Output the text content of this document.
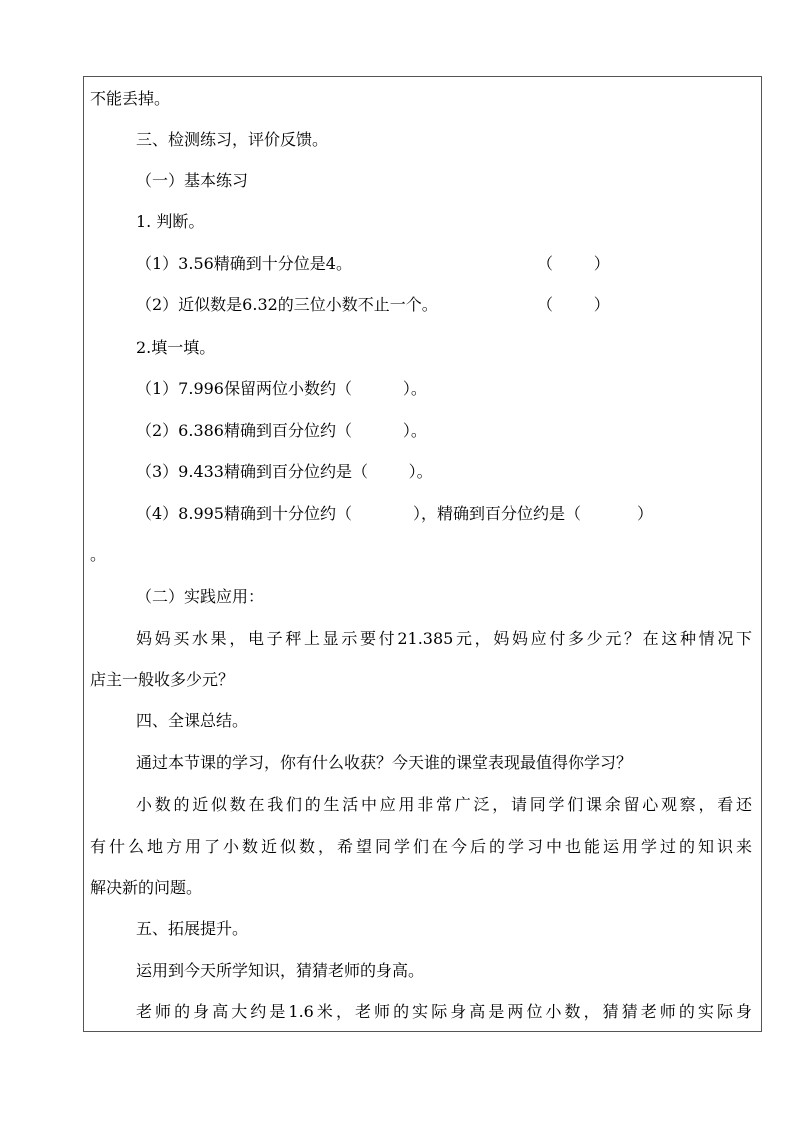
不能丢掉。
三、检测练习，评价反馈。
（一）基本练习
1. 判断。
（1）3.56精确到十分位是4。	（        ）
（2）近似数是6.32的三位小数不止一个。	（        ）
2.填一填。
（1）7.996保留两位小数约（          ）。
（2）6.386精确到百分位约（          ）。
（3）9.433精确到百分位约是（        ）。
（4）8.995精确到十分位约（            ），精确到百分位约是（           ）
。
（二）实践应用：
妈妈买水果，电子秤上显示要付21.385元，妈妈应付多少元？在这种情况下
店主一般收多少元？
四、全课总结。
通过本节课的学习，你有什么收获？今天谁的课堂表现最值得你学习？
小数的近似数在我们的生活中应用非常广泛，请同学们课余留心观察，看还
有什么地方用了小数近似数，希望同学们在今后的学习中也能运用学过的知识来
解决新的问题。
五、拓展提升。
运用到今天所学知识，猜猜老师的身高。
老师的身高大约是1.6米，老师的实际身高是两位小数，猜猜老师的实际身
